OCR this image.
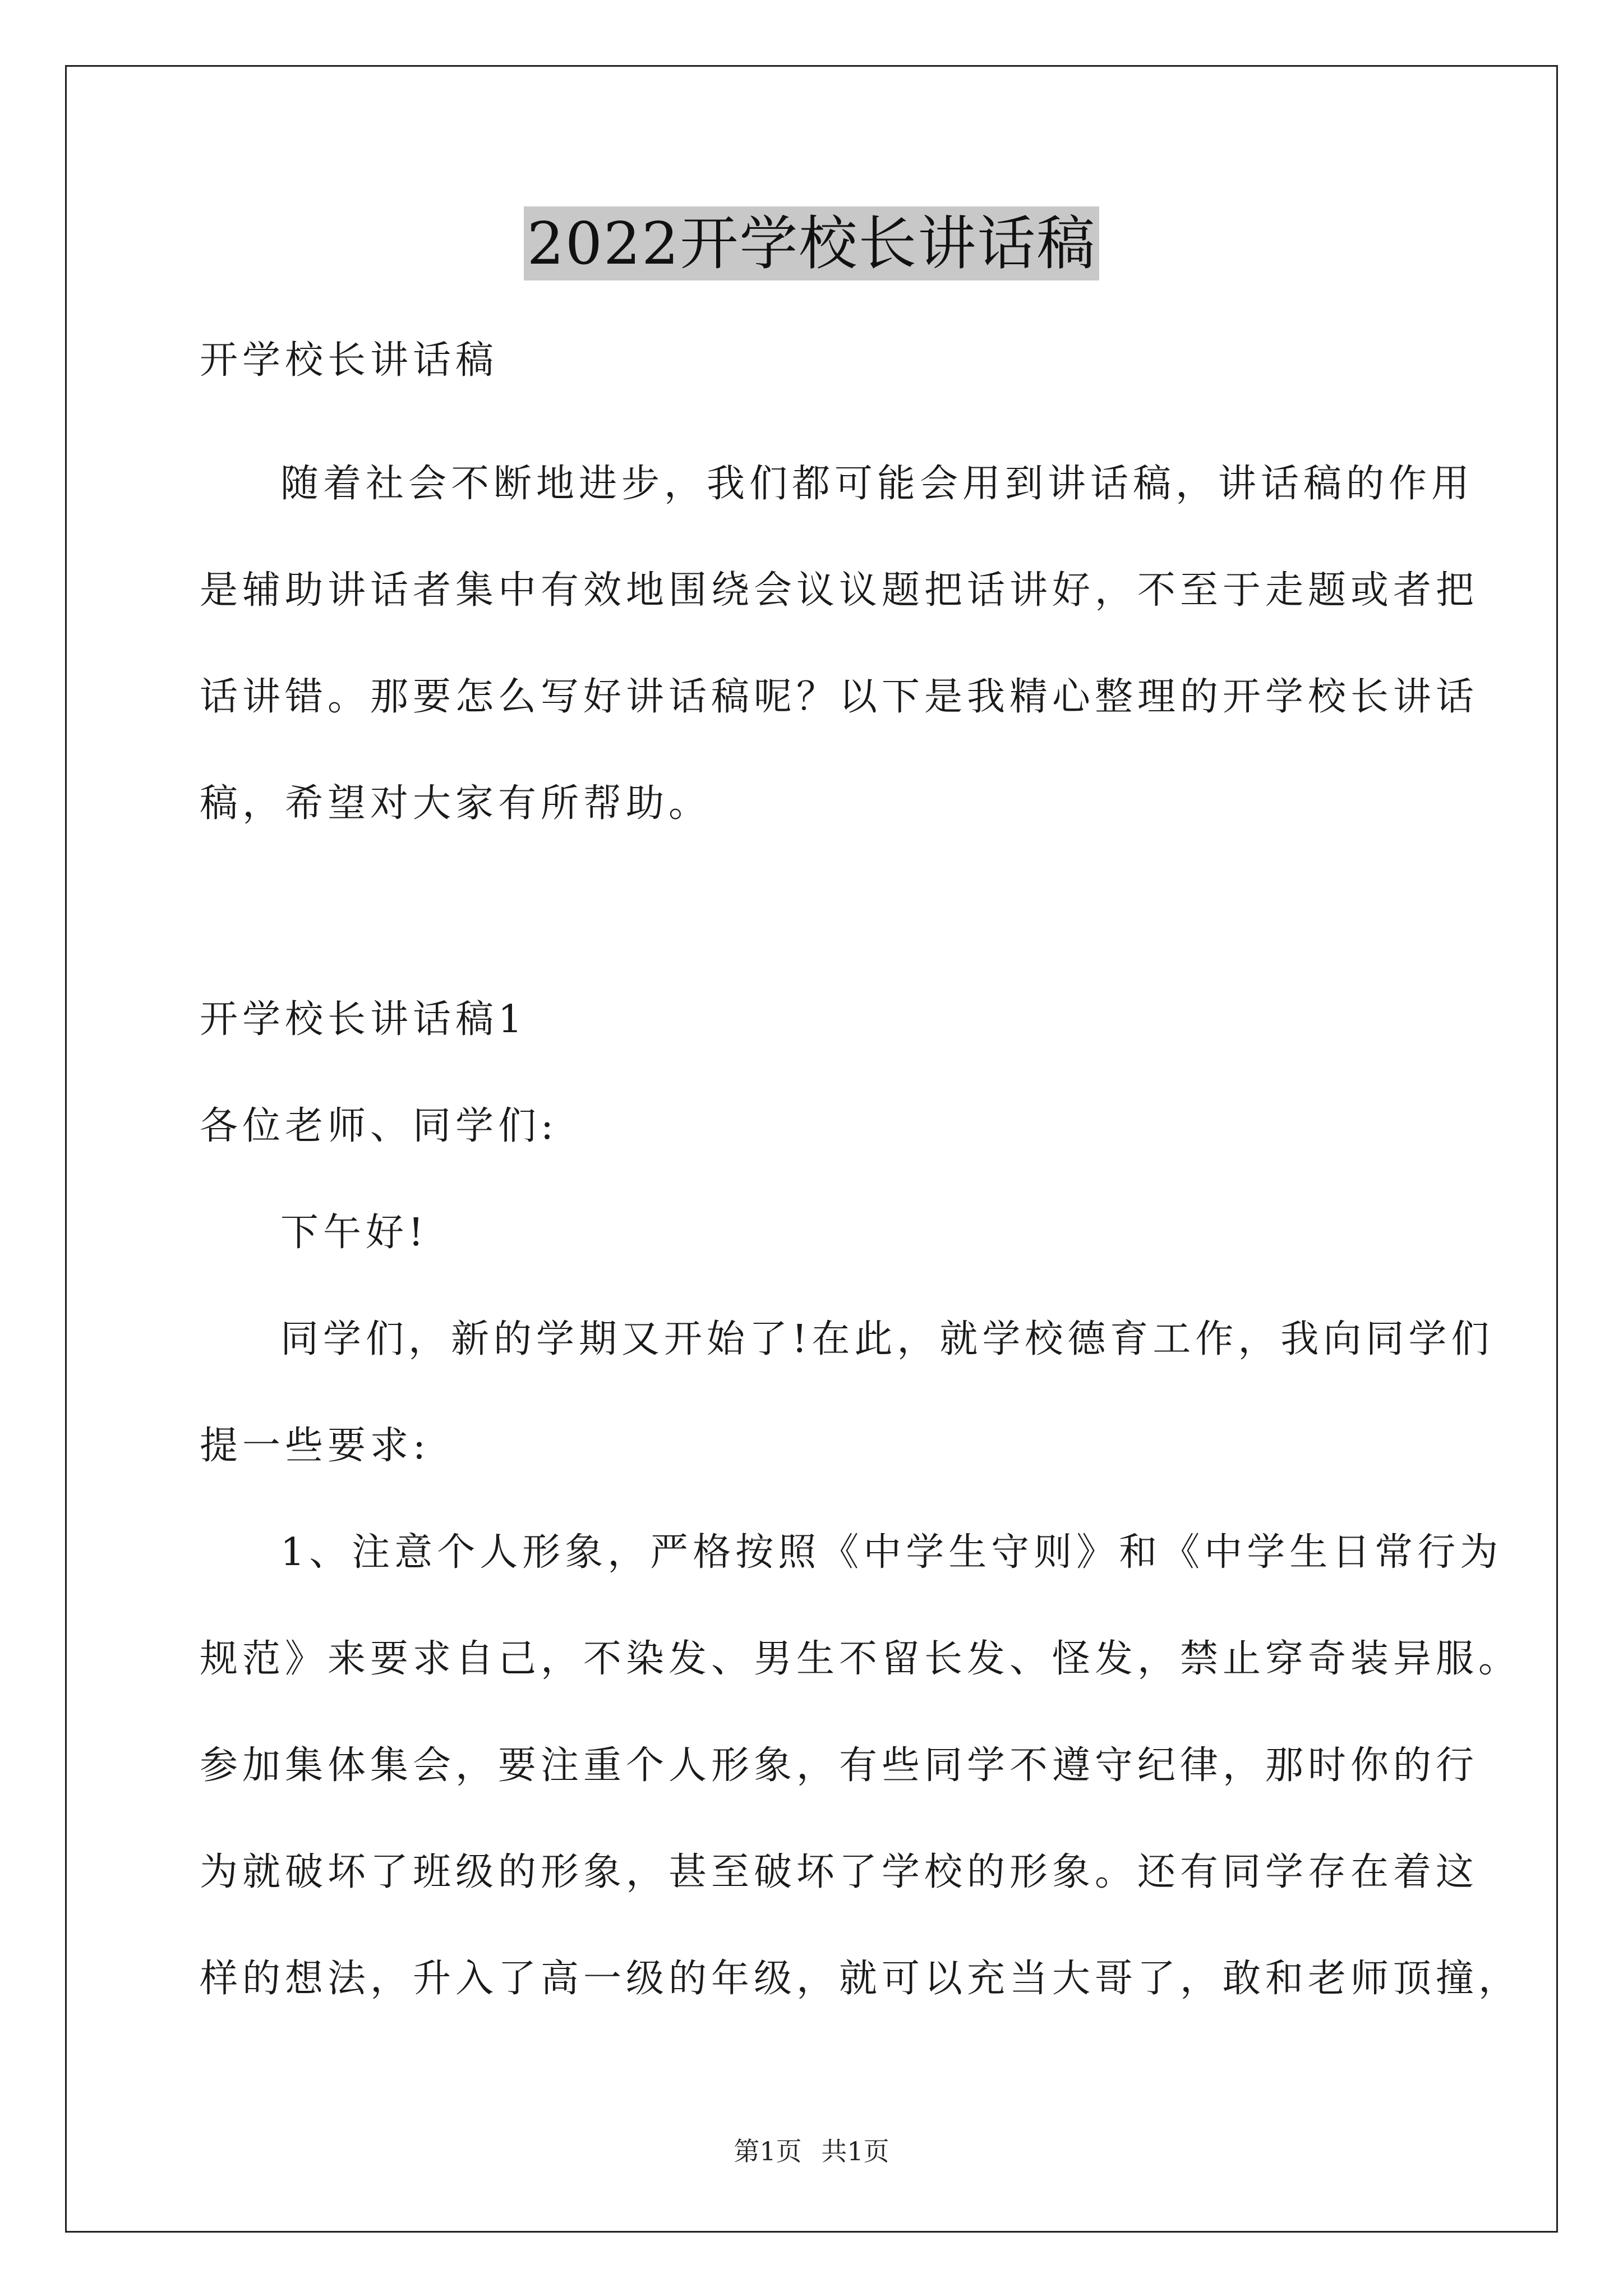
2022开学校长讲话稿
开学校长讲话稿
随着社会不断地进步，我们都可能会用到讲话稿，讲话稿的作用
是辅助讲话者集中有效地围绕会议议题把话讲好，不至于走题或者把
话讲错。那要怎么写好讲话稿呢？以下是我精心整理的开学校长讲话
稿，希望对大家有所帮助。
开学校长讲话稿1
各位老师、同学们:
下午好!
同学们，新的学期又开始了!在此，就学校德育工作，我向同学们
提一些要求:
1、注意个人形象，严格按照《中学生守则》和《中学生日常行为
规范》来要求自己，不染发、男生不留长发、怪发，禁止穿奇装异服。
参加集体集会，要注重个人形象，有些同学不遵守纪律，那时你的行
为就破坏了班级的形象，甚至破坏了学校的形象。还有同学存在着这
样的想法，升入了高一级的年级，就可以充当大哥了，敢和老师顶撞，
第1页 共1页
